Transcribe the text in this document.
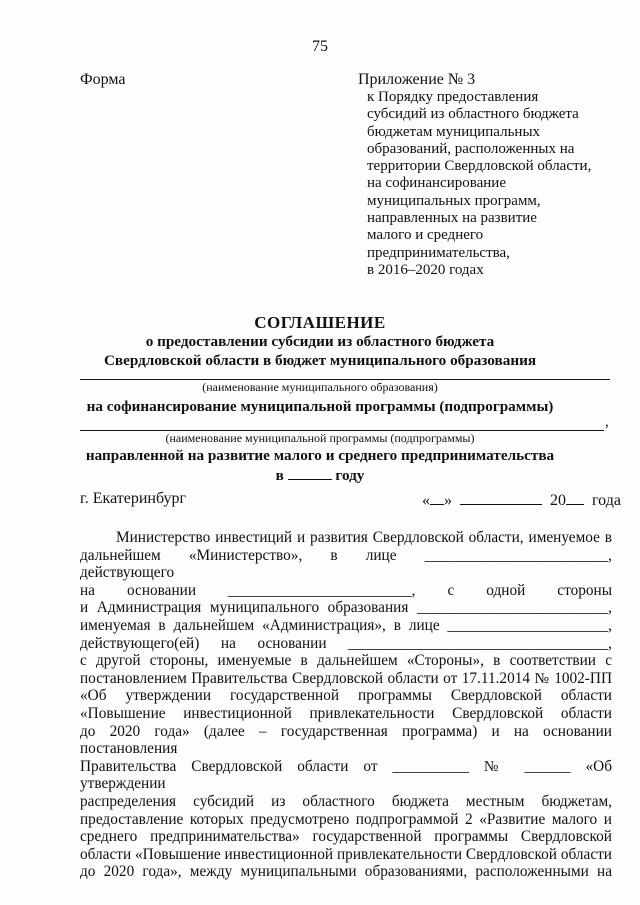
75
Форма	Приложение № 3
к Порядку предоставления
субсидий из областного бюджета
бюджетам муниципальных
образований, расположенных на
территории Свердловской области,
на софинансирование
муниципальных программ,
направленных на развитие
малого и среднего
предпринимательства,
в 2016–2020 годах
СОГЛАШЕНИЕ
о предоставлении субсидии из областного бюджета
Свердловской области в бюджет муниципального образования
(наименование муниципального образования)
на софинансирование муниципальной программы (подпрограммы)
,
(наименование муниципальной программы (подпрограммы)
направленной на развитие малого и среднего предпринимательства
в	году
г. Екатеринбург	« »	20 года
Министерство инвестиций и развития Свердловской области, именуемое в
дальнейшем «Министерство», в лице ________________________, действующего
на основании ________________________, с одной стороны
и Администрация муниципального образования _________________________,
именуемая в дальнейшем «Администрация», в лице _____________________,
действующего(ей) на основании __________________________________,
с другой стороны, именуемые в дальнейшем «Стороны», в соответствии с
постановлением Правительства Свердловской области от 17.11.2014 № 1002-ПП
«Об утверждении государственной программы Свердловской области
«Повышение инвестиционной привлекательности Свердловской области
до 2020 года» (далее – государственная программа) и на основании постановления
Правительства Свердловской области от __________ № ______ «Об утверждении
распределения субсидий из областного бюджета местным бюджетам,
предоставление которых предусмотрено подпрограммой 2 «Развитие малого и
среднего предпринимательства» государственной программы Свердловской
области «Повышение инвестиционной привлекательности Свердловской области
до 2020 года», между муниципальными образованиями, расположенными на
